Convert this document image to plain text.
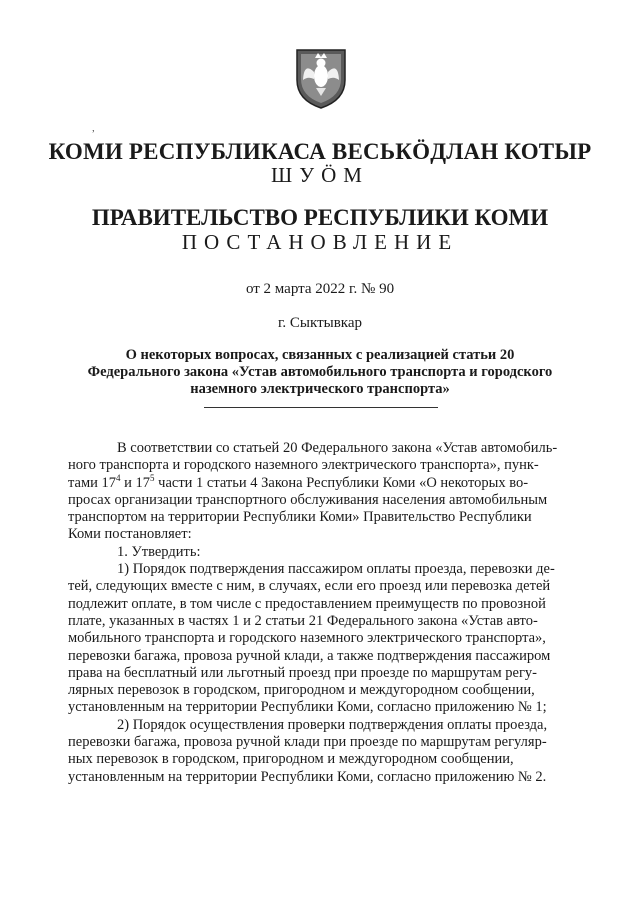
,
КОМИ РЕСПУБЛИКАСА ВЕСЬКӦДЛАН КОТЫР
ШУӦМ
ПРАВИТЕЛЬСТВО РЕСПУБЛИКИ КОМИ
ПОСТАНОВЛЕНИЕ
от 2 марта 2022 г. № 90
г. Сыктывкар
О некоторых вопросах, связанных с реализацией статьи 20
Федерального закона «Устав автомобильного транспорта и городского
наземного электрического транспорта»

В соответствии со статьей 20 Федерального закона «Устав автомобиль-

ного транспорта и городского наземного электрического транспорта», пунк-

тами $17^4$ и $17^5$ части 1 статьи 4 Закона Республики Коми «О некоторых во-

просах организации транспортного обслуживания населения автомобильным

транспортом на территории Республики Коми» Правительство Республики

Коми постановляет:

1. Утвердить:

1) Порядок подтверждения пассажиром оплаты проезда, перевозки де-

тей, следующих вместе с ним, в случаях, если его проезд или перевозка детей

подлежит оплате, в том числе с предоставлением преимуществ по провозной

плате, указанных в частях 1 и 2 статьи 21 Федерального закона «Устав авто-

мобильного транспорта и городского наземного электрического транспорта»,

перевозки багажа, провоза ручной клади, а также подтверждения пассажиром

права на бесплатный или льготный проезд при проезде по маршрутам регу-

лярных перевозок в городском, пригородном и междугородном сообщении,

установленным на территории Республики Коми, согласно приложению № 1;

2) Порядок осуществления проверки подтверждения оплаты проезда,

перевозки багажа, провоза ручной клади при проезде по маршрутам регуляр-

ных перевозок в городском, пригородном и междугородном сообщении,

установленным на территории Республики Коми, согласно приложению № 2.
